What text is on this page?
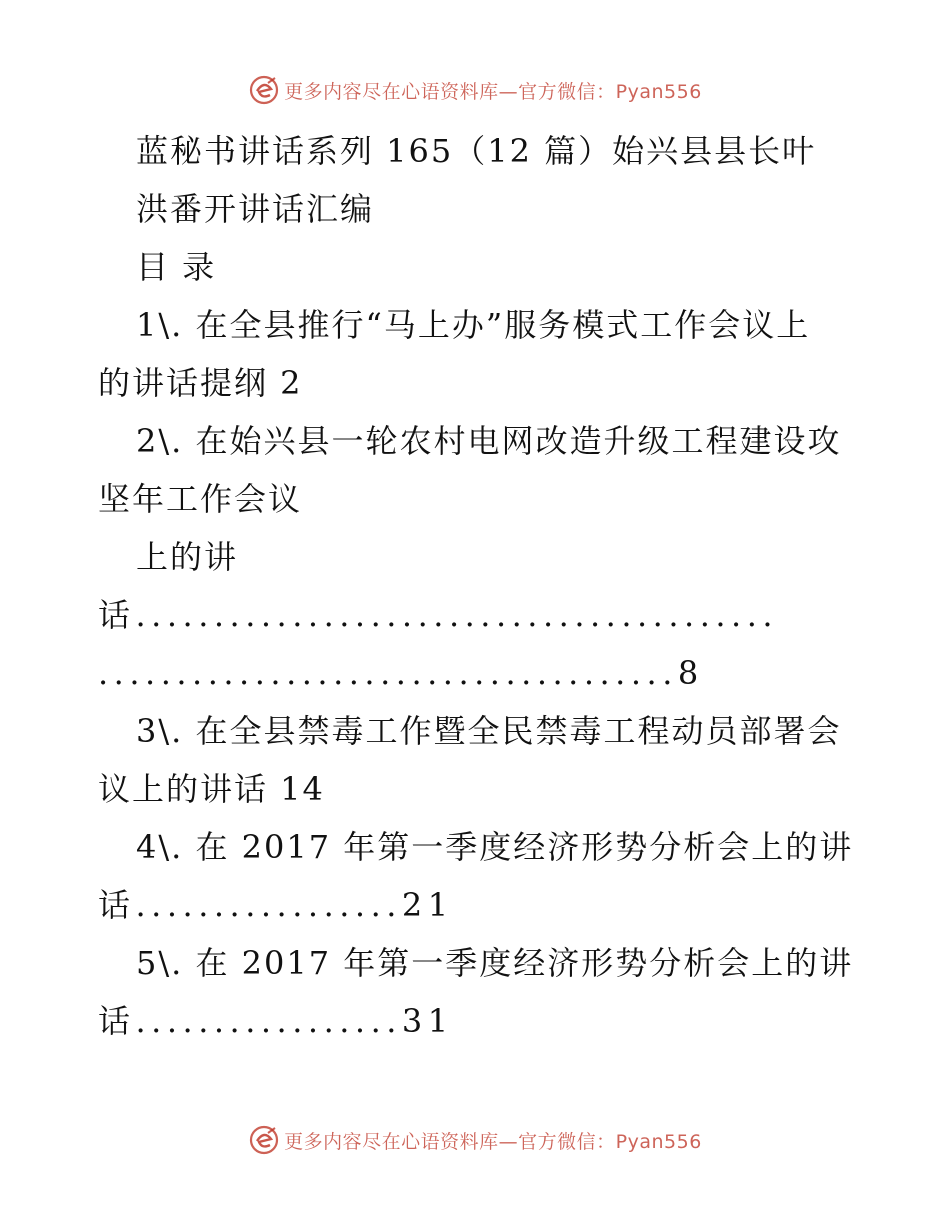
更多内容尽在心语资料库—官方微信：Pyan556
蓝秘书讲话系列 165（12 篇）始兴县县长叶
洪番开讲话汇编
目 录
1\. 在全县推行“马上办”服务模式工作会议上
的讲话提纲 2
2\. 在始兴县一轮农村电网改造升级工程建设攻
坚年工作会议
上的讲
话.........................................
.....................................8
3\. 在全县禁毒工作暨全民禁毒工程动员部署会
议上的讲话 14
4\. 在 2017 年第一季度经济形势分析会上的讲
话.................21
5\. 在 2017 年第一季度经济形势分析会上的讲
话.................31
更多内容尽在心语资料库—官方微信：Pyan556
